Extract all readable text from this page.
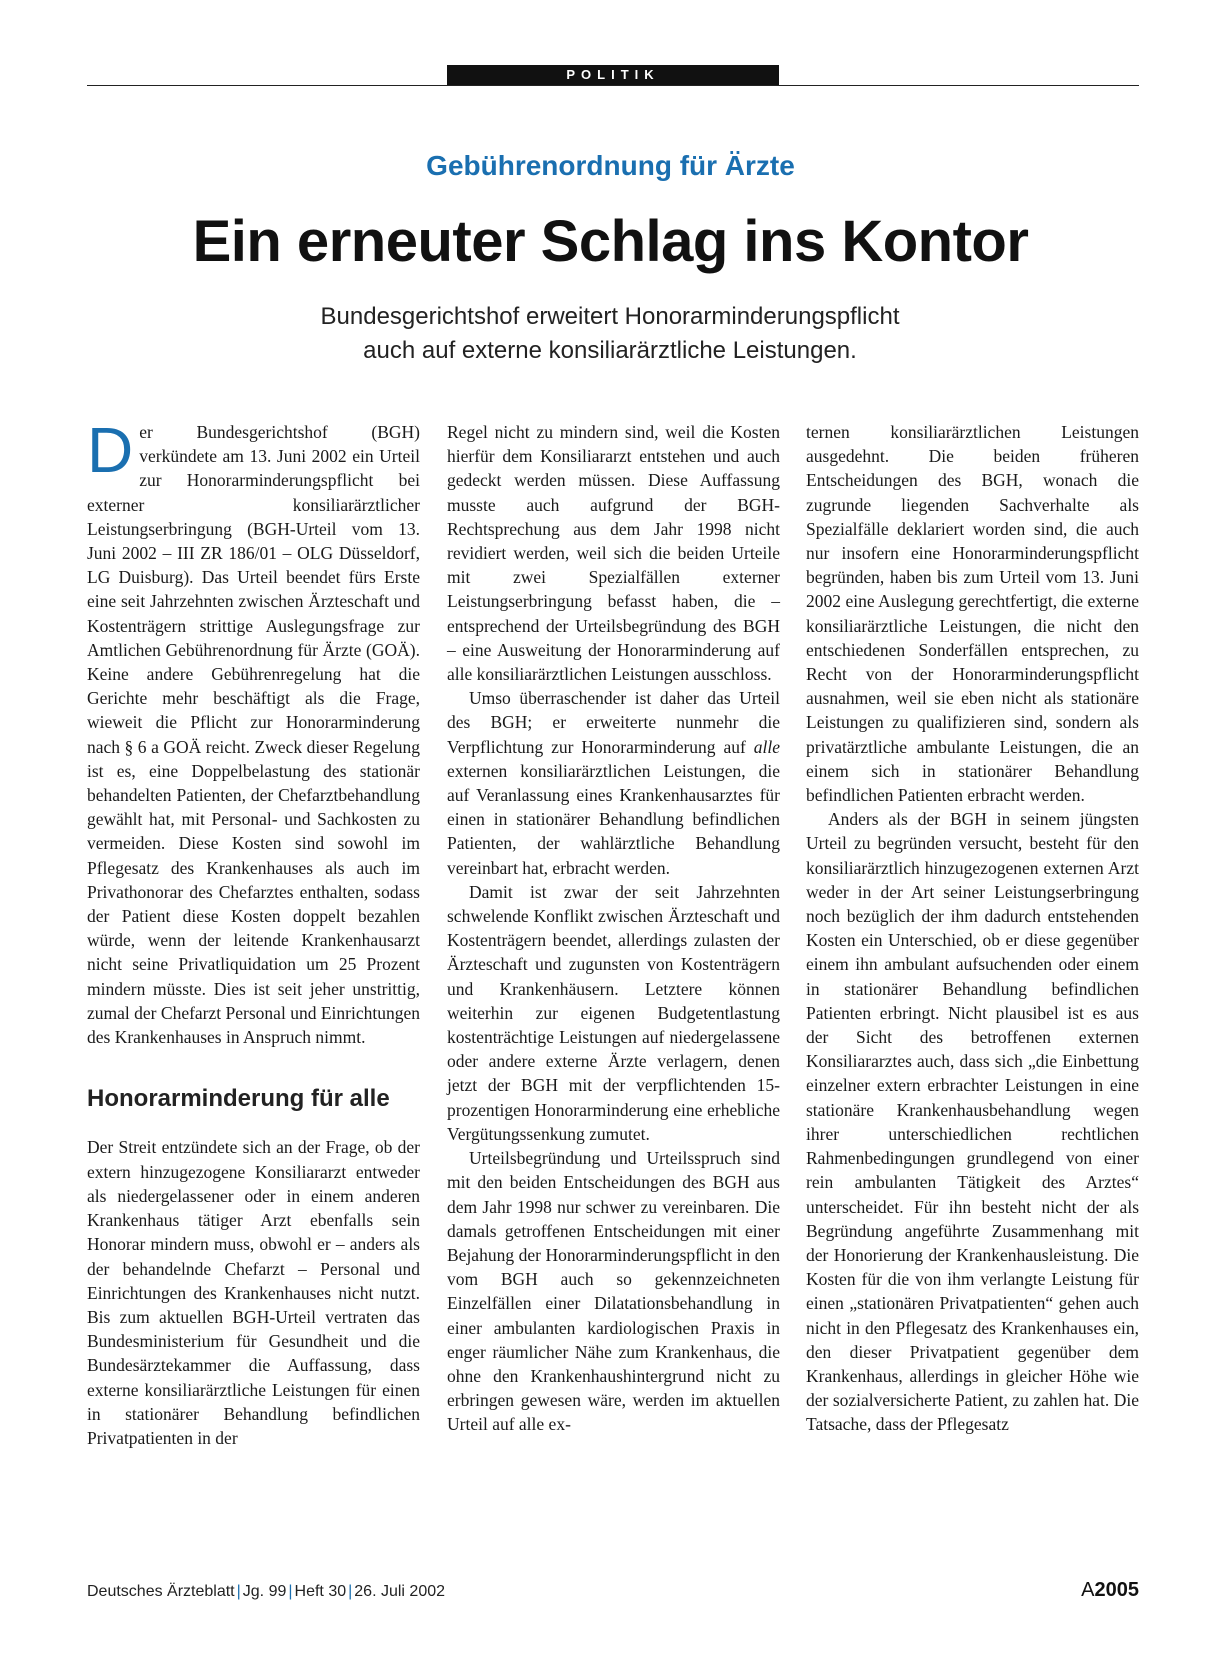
POLITIK
Gebührenordnung für Ärzte
Ein erneuter Schlag ins Kontor
Bundesgerichtshof erweitert Honorarminderungspflicht
auch auf externe konsiliarärztliche Leistungen.

Der Bundesgerichtshof (BGH) verkündete am 13. Juni 2002 ein Urteil zur Honorarminderungspflicht bei externer konsiliarärztlicher Leistungserbringung (BGH-Urteil vom 13. Juni 2002 – III ZR 186/01 – OLG Düsseldorf, LG Duisburg). Das Urteil beendet fürs Erste eine seit Jahrzehnten zwischen Ärzteschaft und Kostenträgern strittige Auslegungsfrage zur Amtlichen Gebührenordnung für Ärzte (GOÄ). Keine andere Gebührenregelung hat die Gerichte mehr beschäftigt als die Frage, wieweit die Pflicht zur Honorarminderung nach § 6 a GOÄ reicht. Zweck dieser Regelung ist es, eine Doppelbelastung des stationär behandelten Patienten, der Chefarztbehandlung gewählt hat, mit Personal- und Sachkosten zu vermeiden. Diese Kosten sind sowohl im Pflegesatz des Krankenhauses als auch im Privathonorar des Chefarztes enthalten, sodass der Patient diese Kosten doppelt bezahlen würde, wenn der leitende Krankenhausarzt nicht seine Privatliquidation um 25 Prozent mindern müsste. Dies ist seit jeher unstrittig, zumal der Chefarzt Personal und Einrichtungen des Krankenhauses in Anspruch nimmt.

Honorarminderung für alle

Der Streit entzündete sich an der Frage, ob der extern hinzugezogene Konsiliararzt entweder als niedergelassener oder in einem anderen Krankenhaus tätiger Arzt ebenfalls sein Honorar mindern muss, obwohl er – anders als der behandelnde Chefarzt – Personal und Einrichtungen des Krankenhauses nicht nutzt. Bis zum aktuellen BGH-Urteil vertraten das Bundesministerium für Gesundheit und die Bundesärztekammer die Auffassung, dass externe konsiliarärztliche Leistungen für einen in stationärer Behandlung befindlichen Privatpatienten in der

Regel nicht zu mindern sind, weil die Kosten hierfür dem Konsiliararzt entstehen und auch gedeckt werden müssen. Diese Auffassung musste auch aufgrund der BGH-Rechtsprechung aus dem Jahr 1998 nicht revidiert werden, weil sich die beiden Urteile mit zwei Spezialfällen externer Leistungserbringung befasst haben, die – entsprechend der Urteilsbegründung des BGH – eine Ausweitung der Honorarminderung auf alle konsiliarärztlichen Leistungen ausschloss.

Umso überraschender ist daher das Urteil des BGH; er erweiterte nunmehr die Verpflichtung zur Honorarminderung auf alle externen konsiliarärztlichen Leistungen, die auf Veranlassung eines Krankenhausarztes für einen in stationärer Behandlung befindlichen Patienten, der wahlärztliche Behandlung vereinbart hat, erbracht werden.

Damit ist zwar der seit Jahrzehnten schwelende Konflikt zwischen Ärzteschaft und Kostenträgern beendet, allerdings zulasten der Ärzteschaft und zugunsten von Kostenträgern und Krankenhäusern. Letztere können weiterhin zur eigenen Budgetentlastung kostenträchtige Leistungen auf niedergelassene oder andere externe Ärzte verlagern, denen jetzt der BGH mit der verpflichtenden 15-prozentigen Honorarminderung eine erhebliche Vergütungssenkung zumutet.

Urteilsbegründung und Urteilsspruch sind mit den beiden Entscheidungen des BGH aus dem Jahr 1998 nur schwer zu vereinbaren. Die damals getroffenen Entscheidungen mit einer Bejahung der Honorarminderungspflicht in den vom BGH auch so gekennzeichneten Einzelfällen einer Dilatationsbehandlung in einer ambulanten kardiologischen Praxis in enger räumlicher Nähe zum Krankenhaus, die ohne den Krankenhaushintergrund nicht zu erbringen gewesen wäre, werden im aktuellen Urteil auf alle ex-

ternen konsiliarärztlichen Leistungen ausgedehnt. Die beiden früheren Entscheidungen des BGH, wonach die zugrunde liegenden Sachverhalte als Spezialfälle deklariert worden sind, die auch nur insofern eine Honorarminderungspflicht begründen, haben bis zum Urteil vom 13. Juni 2002 eine Auslegung gerechtfertigt, die externe konsiliarärztliche Leistungen, die nicht den entschiedenen Sonderfällen entsprechen, zu Recht von der Honorarminderungspflicht ausnahmen, weil sie eben nicht als stationäre Leistungen zu qualifizieren sind, sondern als privatärztliche ambulante Leistungen, die an einem sich in stationärer Behandlung befindlichen Patienten erbracht werden.

Anders als der BGH in seinem jüngsten Urteil zu begründen versucht, besteht für den konsiliarärztlich hinzugezogenen externen Arzt weder in der Art seiner Leistungserbringung noch bezüglich der ihm dadurch entstehenden Kosten ein Unterschied, ob er diese gegenüber einem ihn ambulant aufsuchenden oder einem in stationärer Behandlung befindlichen Patienten erbringt. Nicht plausibel ist es aus der Sicht des betroffenen externen Konsiliararztes auch, dass sich „die Einbettung einzelner extern erbrachter Leistungen in eine stationäre Krankenhausbehandlung wegen ihrer unterschiedlichen rechtlichen Rahmenbedingungen grundlegend von einer rein ambulanten Tätigkeit des Arztes“ unterscheidet. Für ihn besteht nicht der als Begründung angeführte Zusammenhang mit der Honorierung der Krankenhausleistung. Die Kosten für die von ihm verlangte Leistung für einen „stationären Privatpatienten“ gehen auch nicht in den Pflegesatz des Krankenhauses ein, den dieser Privatpatient gegenüber dem Krankenhaus, allerdings in gleicher Höhe wie der sozialversicherte Patient, zu zahlen hat. Die Tatsache, dass der Pflegesatz

Deutsches Ärzteblatt | Jg. 99 | Heft 30 | 26. Juli 2002	A2005
